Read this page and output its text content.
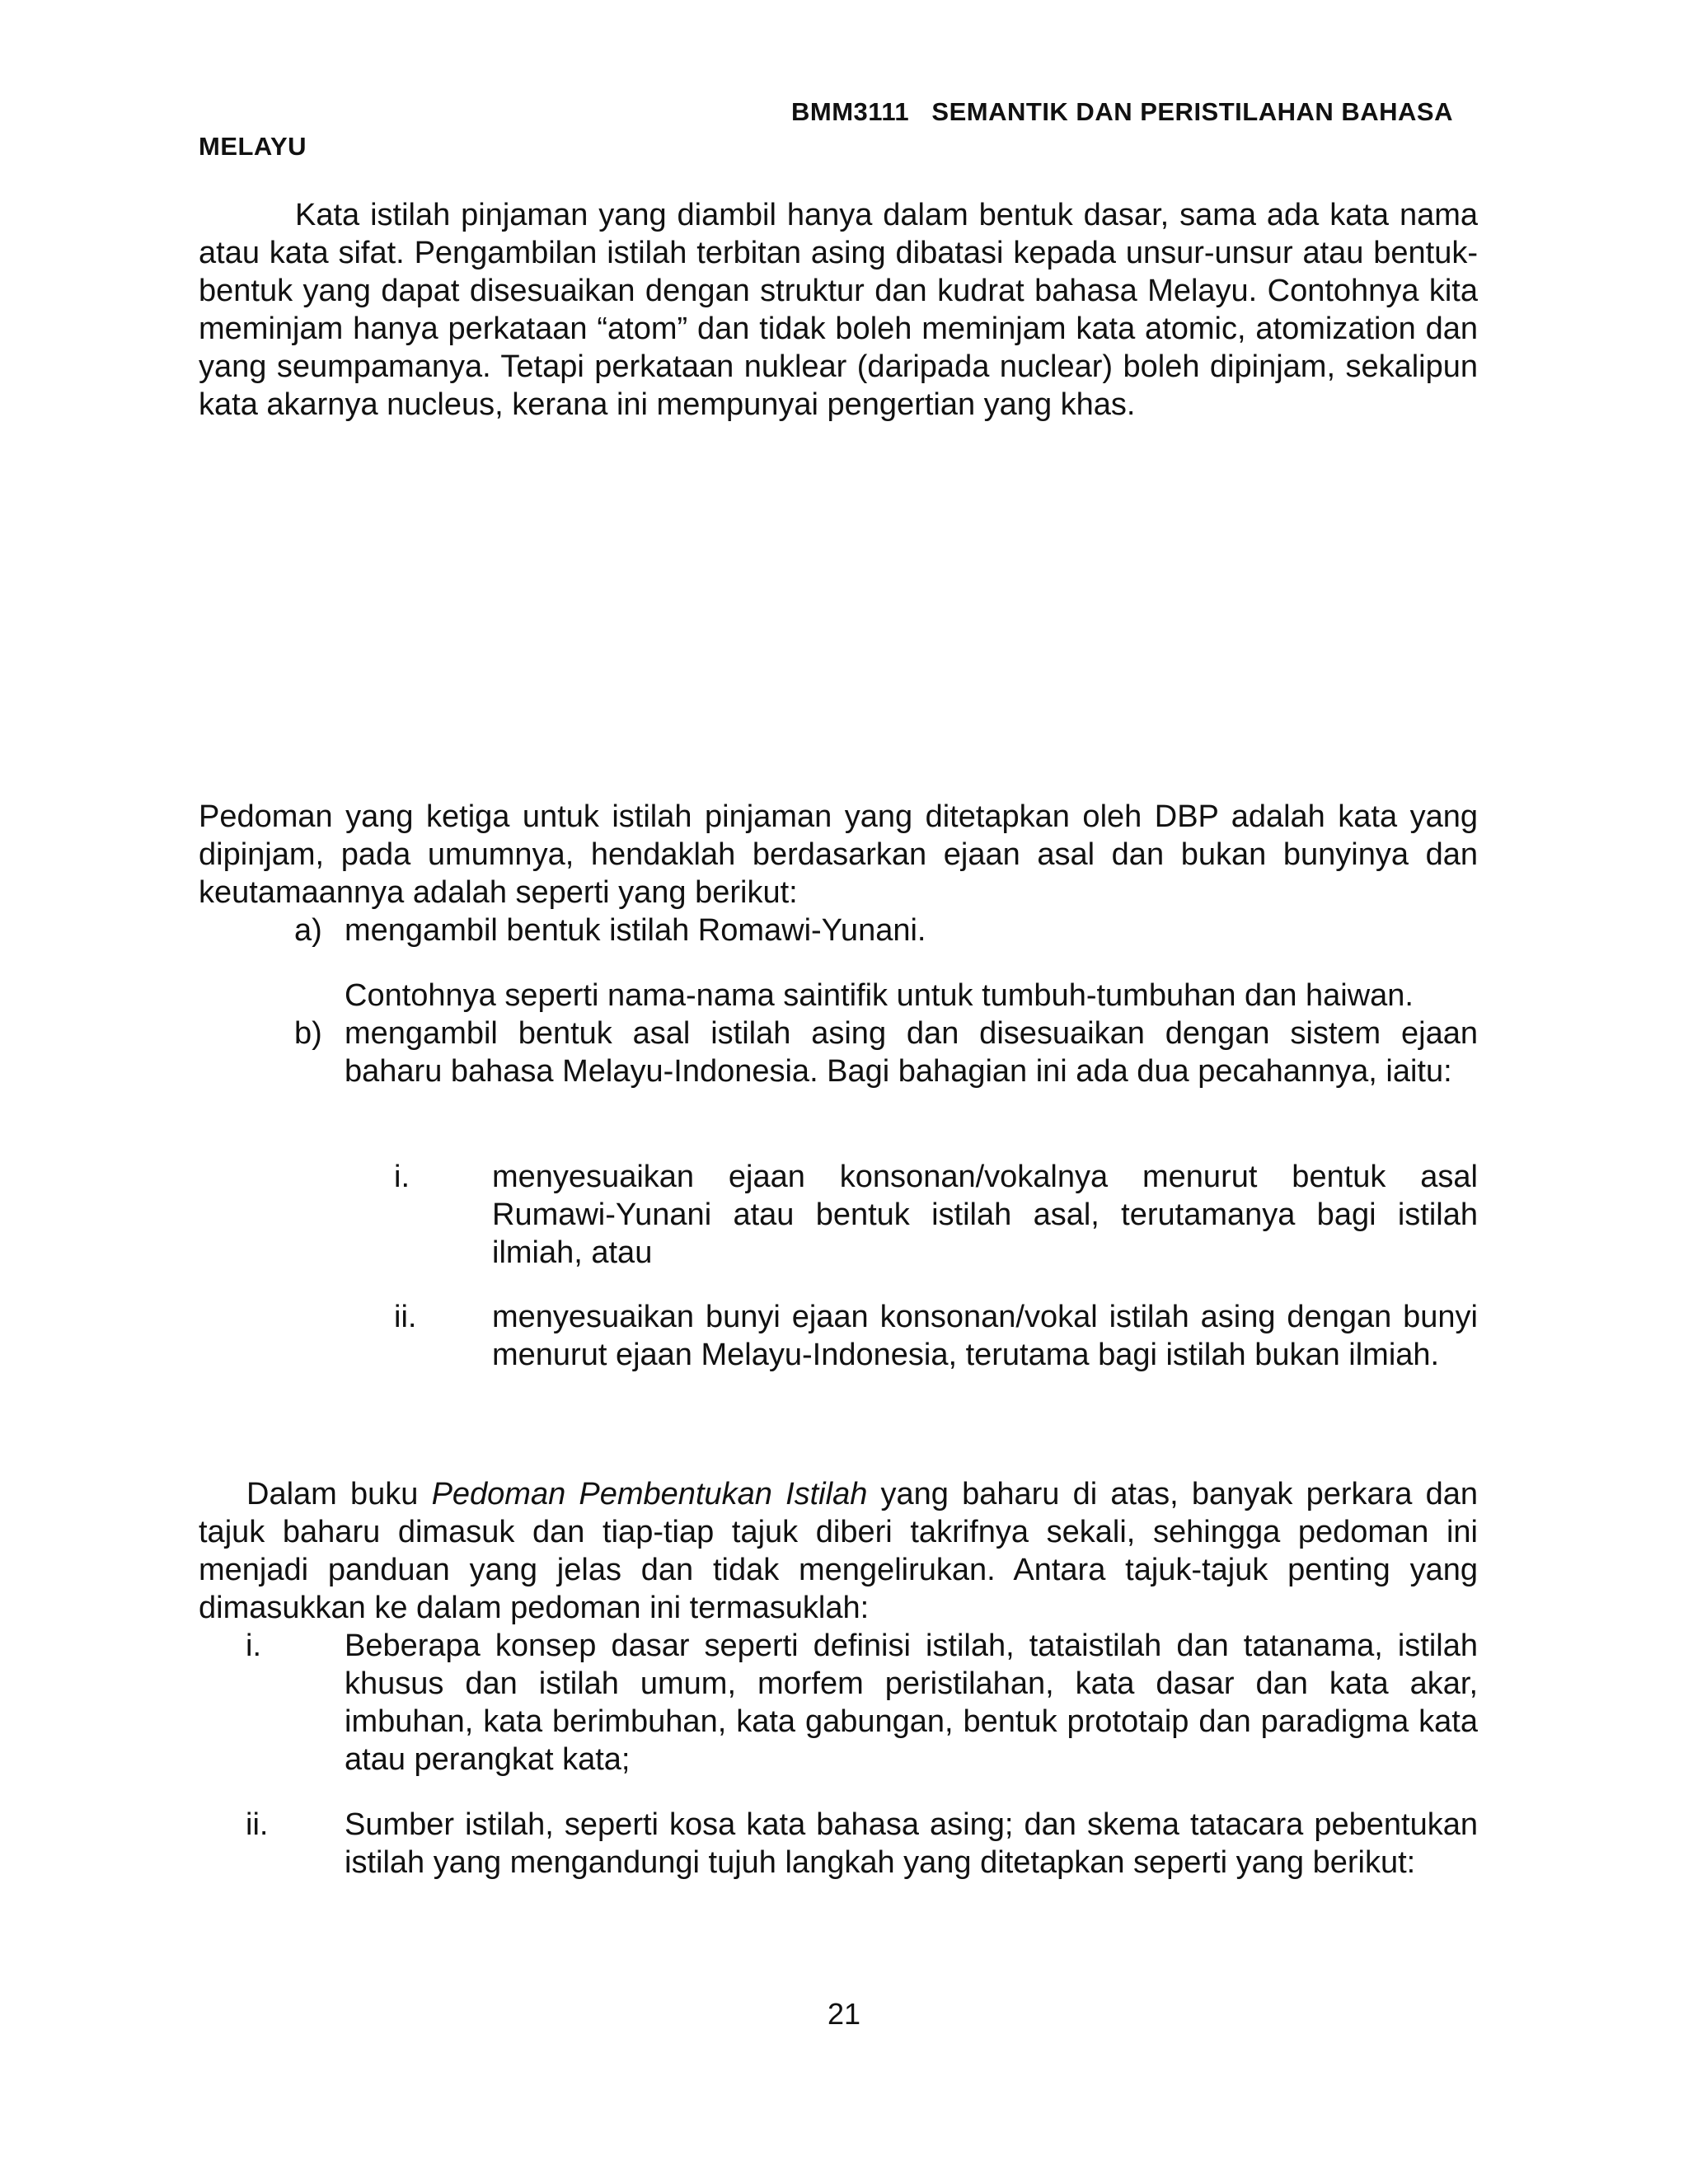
BMM3111   SEMANTIK DAN PERISTILAHAN BAHASA
MELAYU

Kata istilah pinjaman yang diambil hanya dalam bentuk dasar, sama ada kata nama atau kata sifat. Pengambilan istilah terbitan asing dibatasi kepada unsur-unsur atau bentuk-bentuk yang dapat disesuaikan dengan struktur dan kudrat bahasa Melayu. Contohnya kita meminjam hanya perkataan “atom” dan tidak boleh meminjam kata atomic, atomization dan yang seumpamanya. Tetapi perkataan nuklear (daripada nuclear) boleh dipinjam, sekalipun kata akarnya nucleus, kerana ini mempunyai pengertian yang khas.

Pedoman yang ketiga untuk istilah pinjaman yang ditetapkan oleh DBP adalah kata yang dipinjam, pada umumnya, hendaklah berdasarkan ejaan asal dan bukan bunyinya dan keutamaannya adalah seperti yang berikut:

a) mengambil bentuk istilah Romawi-Yunani.
Contohnya seperti nama-nama saintifik untuk tumbuh-tumbuhan dan haiwan.
b) mengambil bentuk asal istilah asing dan disesuaikan dengan sistem ejaan baharu bahasa Melayu-Indonesia. Bagi bahagian ini ada dua pecahannya, iaitu:
i.	menyesuaikan ejaan konsonan/vokalnya menurut bentuk asal Rumawi-Yunani atau bentuk istilah asal, terutamanya bagi istilah ilmiah, atau
ii. menyesuaikan bunyi ejaan konsonan/vokal istilah asing dengan bunyi menurut ejaan Melayu-Indonesia, terutama bagi istilah bukan ilmiah.

Dalam buku Pedoman Pembentukan Istilah yang baharu di atas, banyak perkara dan tajuk baharu dimasuk dan tiap-tiap tajuk diberi takrifnya sekali, sehingga pedoman ini menjadi panduan yang jelas dan tidak mengelirukan. Antara tajuk-tajuk penting yang dimasukkan ke dalam pedoman ini termasuklah:

i.	Beberapa konsep dasar seperti definisi istilah, tataistilah dan tatanama, istilah khusus dan istilah umum, morfem peristilahan, kata dasar dan kata akar, imbuhan, kata berimbuhan, kata gabungan, bentuk prototaip dan paradigma kata atau perangkat kata;
ii. Sumber istilah, seperti kosa kata bahasa asing; dan skema tatacara pebentukan istilah yang mengandungi tujuh langkah yang ditetapkan seperti yang berikut:
21
